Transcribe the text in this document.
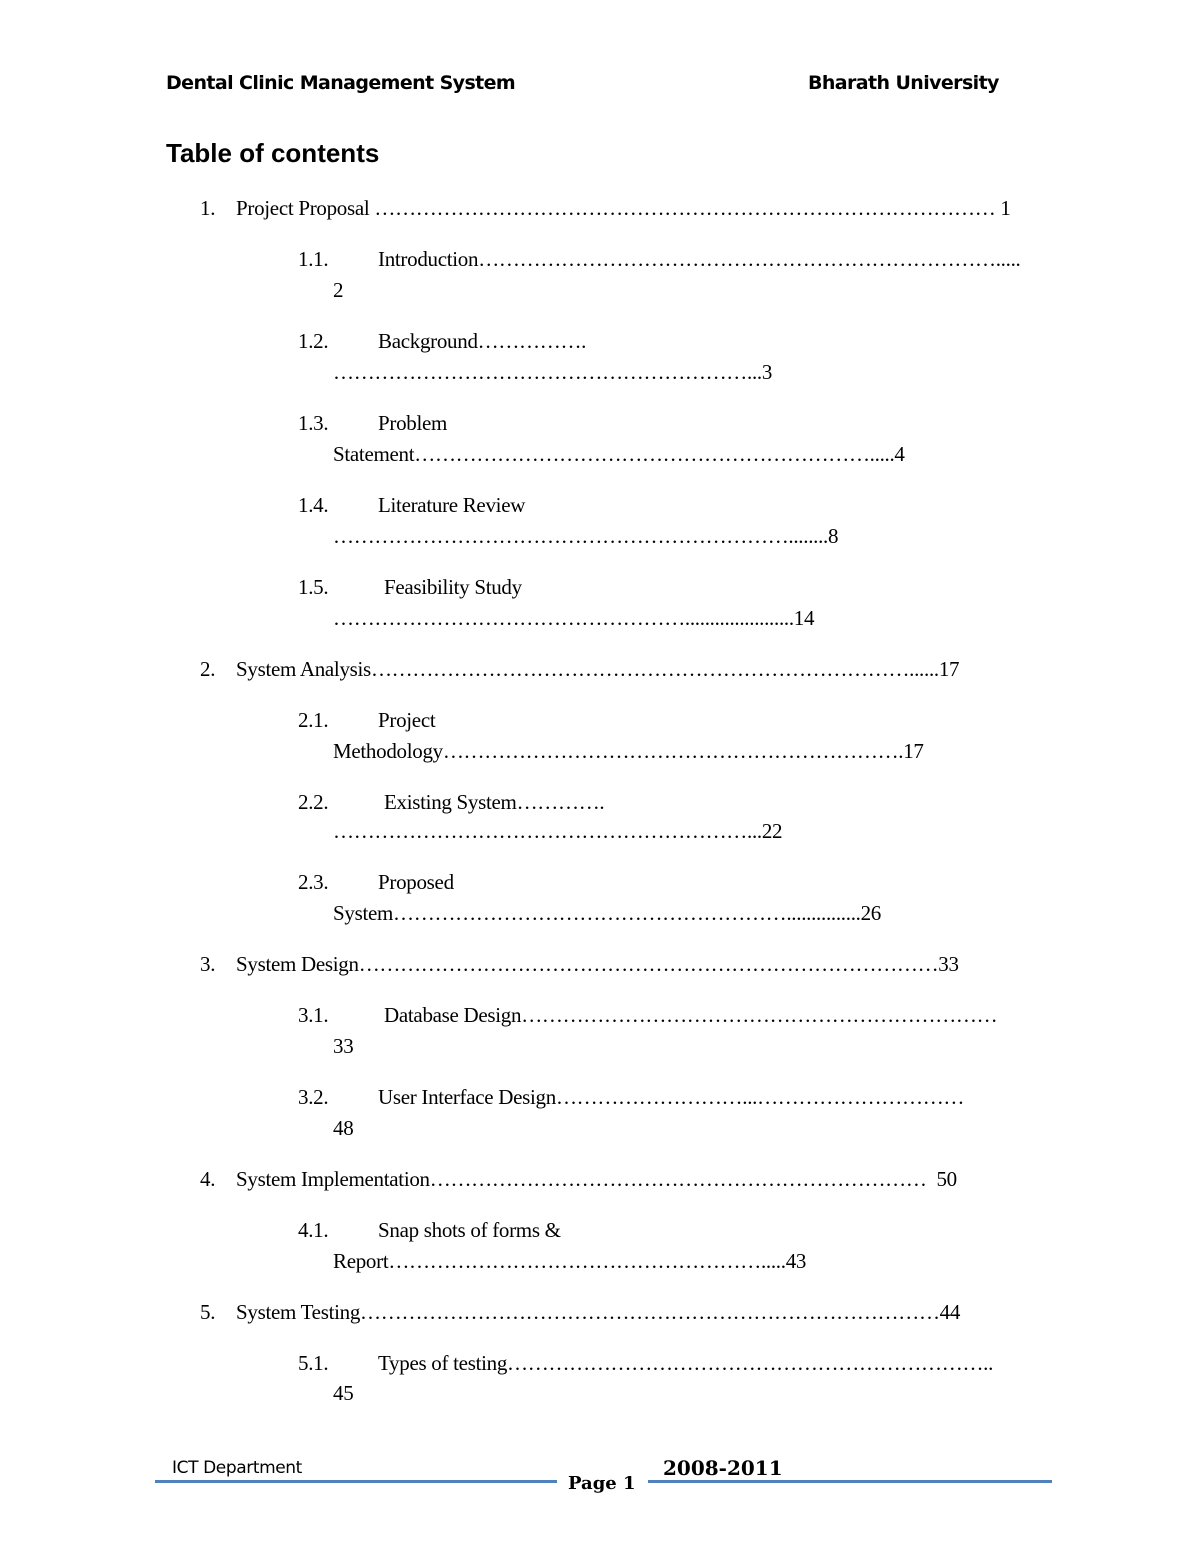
Dental Clinic Management System	Bharath University
Table of contents
1. Project Proposal ……………………………………………………………………………… 1
1.1. Introduction………………………………………………………………….....
2
1.2. Background…………….
……………………………………………………...3
1.3. Problem
Statement………………………………………………………….....4
1.4. Literature Review
…………………………………………………………........8
1.5.	Feasibility Study
……………………………………………......................14
2. System Analysis……………………………………………………………………......17
2.1. Project
Methodology………………………………………………………….17
2.2.	Existing System………….
……………………………………………………...22
2.3. Proposed
System…………………………………………………...............26
3. System Design…………………………………………………………………………33
3.1.	Database Design……………………………………………………………
33
3.2. User Interface Design………………………...…………………………
48
4. System Implementation………………………………………………………………  50
4.1. Snap shots of forms &
Report……………………………………………….....43
5. System Testing…………………………………………………………………………44
5.1. Types of testing……………………………………………………………..
45
ICT Department
Page 1
2008-2011
